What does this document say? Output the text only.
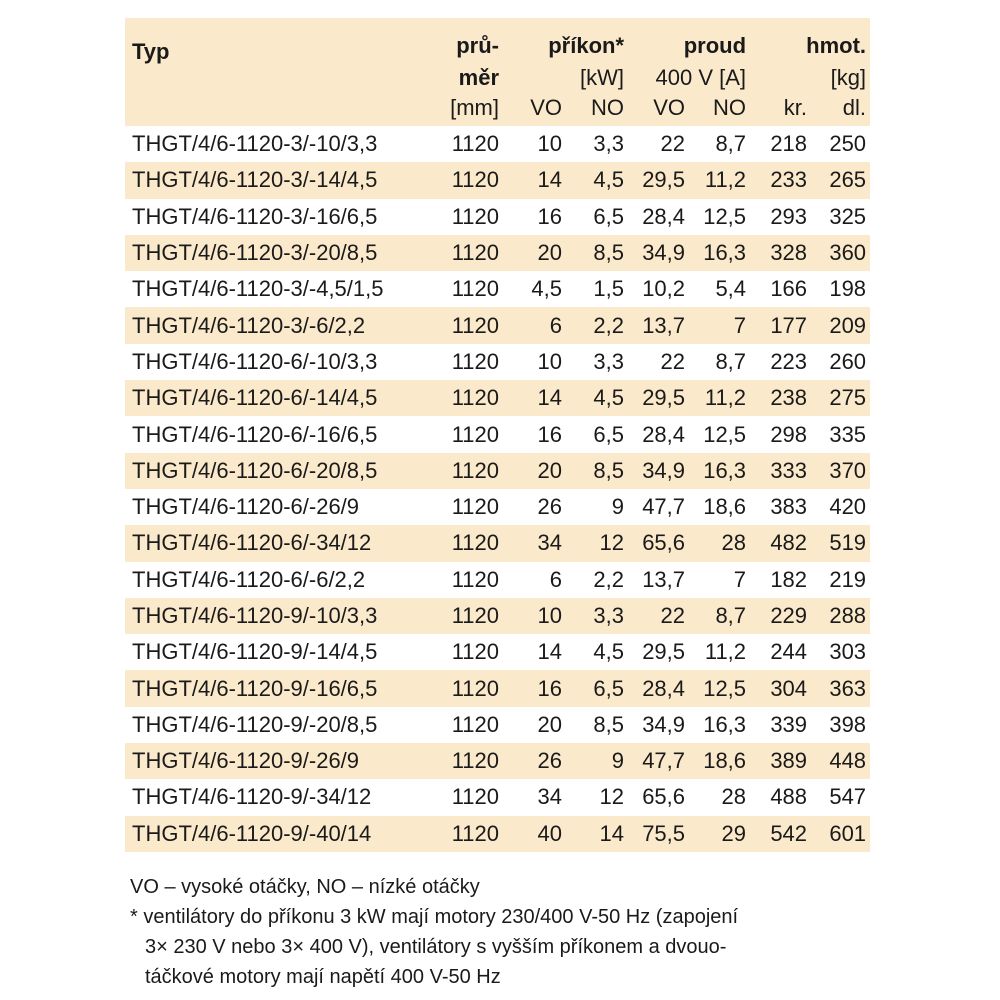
Typ	prů-	příkon*		proud		hmot.	
	měr	[kW]		400 V [A]		[kg]	
	[mm]	VO	NO	VO	NO	kr.	dl.
THGT/4/6-1120-3/-10/3,3	1120	10	3,3	22	8,7	218	250
THGT/4/6-1120-3/-14/4,5	1120	14	4,5	29,5	11,2	233	265
THGT/4/6-1120-3/-16/6,5	1120	16	6,5	28,4	12,5	293	325
THGT/4/6-1120-3/-20/8,5	1120	20	8,5	34,9	16,3	328	360
THGT/4/6-1120-3/-4,5/1,5	1120	4,5	1,5	10,2	5,4	166	198
THGT/4/6-1120-3/-6/2,2	1120	6	2,2	13,7	7	177	209
THGT/4/6-1120-6/-10/3,3	1120	10	3,3	22	8,7	223	260
THGT/4/6-1120-6/-14/4,5	1120	14	4,5	29,5	11,2	238	275
THGT/4/6-1120-6/-16/6,5	1120	16	6,5	28,4	12,5	298	335
THGT/4/6-1120-6/-20/8,5	1120	20	8,5	34,9	16,3	333	370
THGT/4/6-1120-6/-26/9	1120	26	9	47,7	18,6	383	420
THGT/4/6-1120-6/-34/12	1120	34	12	65,6	28	482	519
THGT/4/6-1120-6/-6/2,2	1120	6	2,2	13,7	7	182	219
THGT/4/6-1120-9/-10/3,3	1120	10	3,3	22	8,7	229	288
THGT/4/6-1120-9/-14/4,5	1120	14	4,5	29,5	11,2	244	303
THGT/4/6-1120-9/-16/6,5	1120	16	6,5	28,4	12,5	304	363
THGT/4/6-1120-9/-20/8,5	1120	20	8,5	34,9	16,3	339	398
THGT/4/6-1120-9/-26/9	1120	26	9	47,7	18,6	389	448
THGT/4/6-1120-9/-34/12	1120	34	12	65,6	28	488	547
THGT/4/6-1120-9/-40/14	1120	40	14	75,5	29	542	601
VO – vysoké otáčky, NO – nízké otáčky
* ventilátory do příkonu 3 kW mají motory 230/400 V-50 Hz (zapojení
3× 230 V nebo 3× 400 V), ventilátory s vyšším příkonem a dvouo-
táčkové motory mají napětí 400 V-50 Hz
